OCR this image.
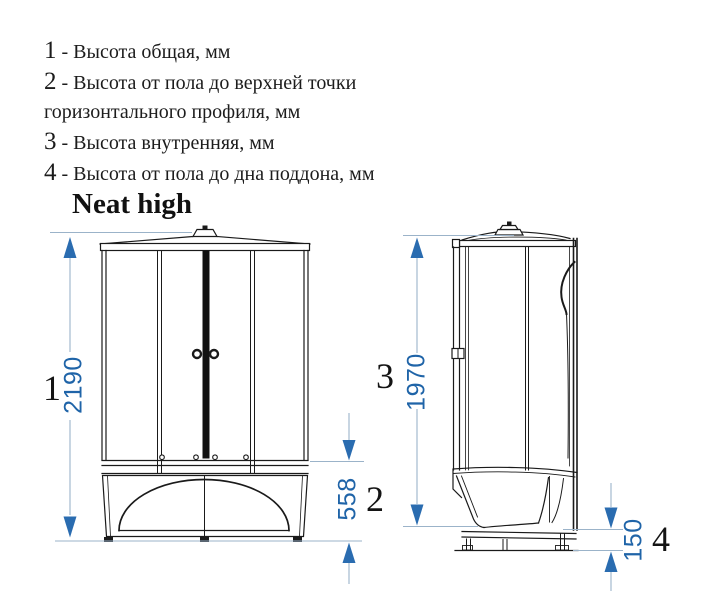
1 - Высота общая, мм
2 - Высота от пола до верхней точки горизонтального профиля, мм
3 - Высота внутренняя, мм
4 - Высота от пола до дна поддона, мм
Neat high
1
2
3
4
2190
558
1970
150
